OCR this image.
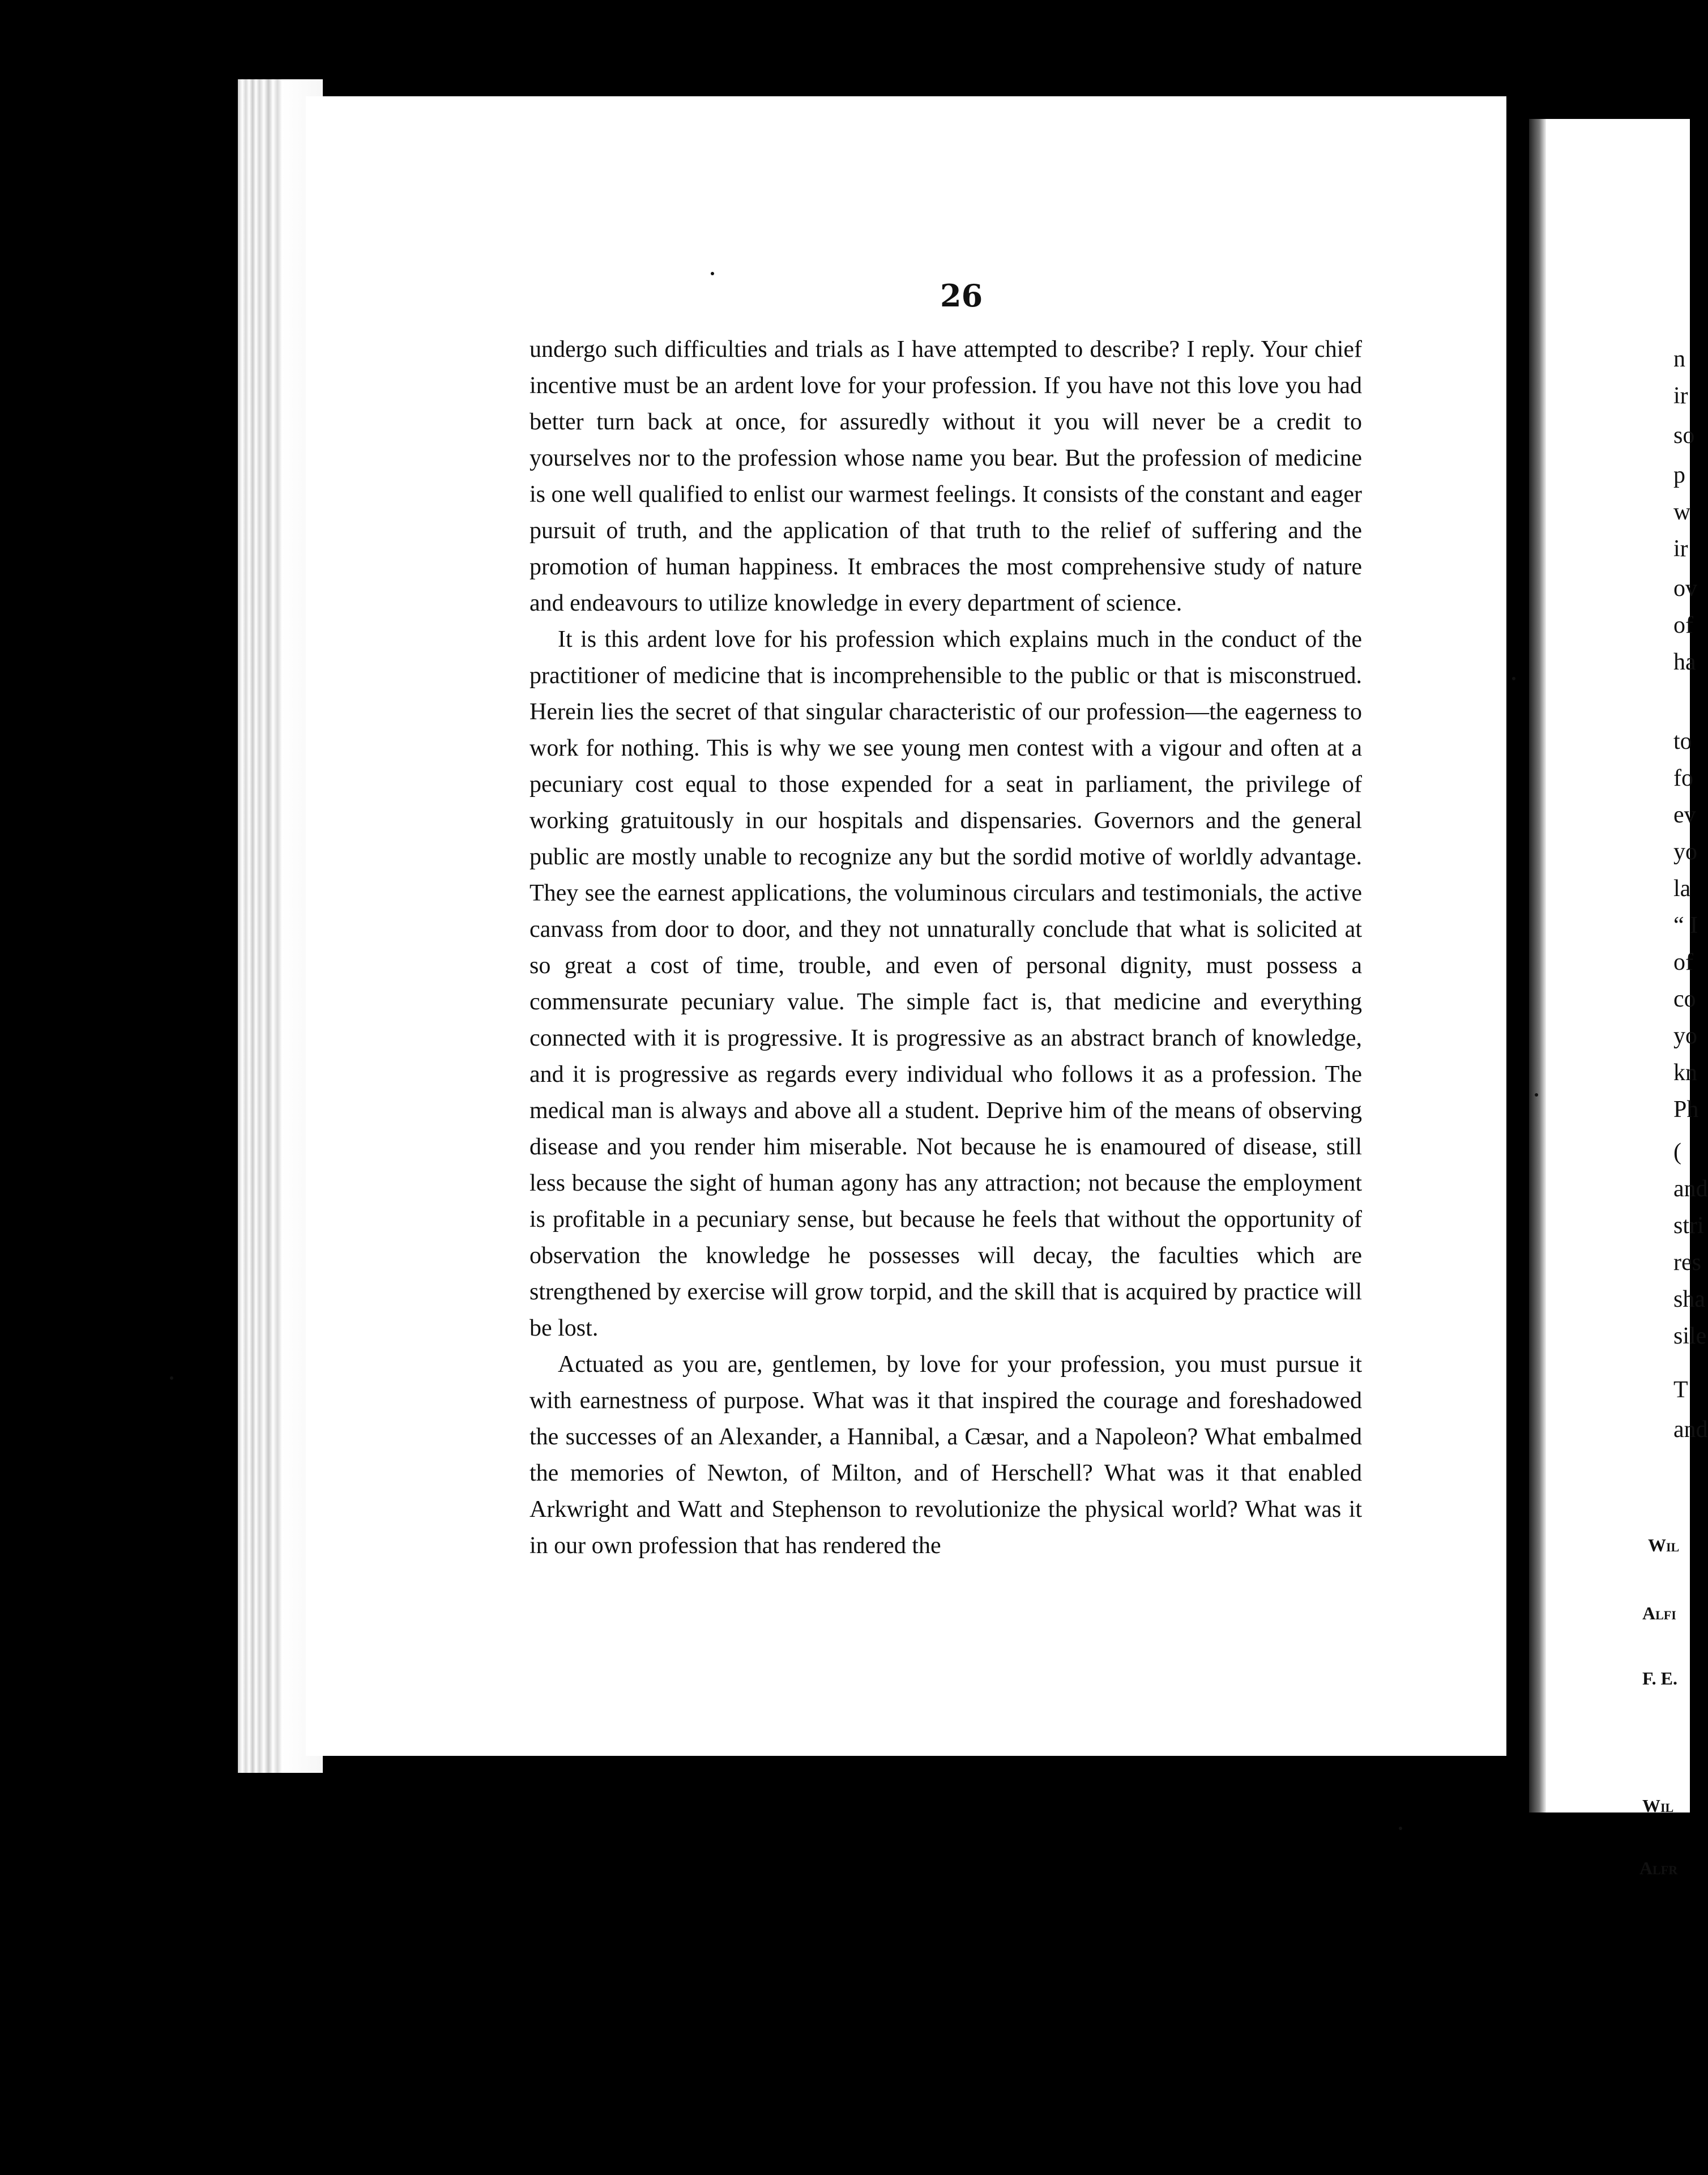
26

undergo such difficulties and trials as I have attempted to describe? I reply. Your chief incentive must be an ardent love for your profession. If you have not this love you had better turn back at once, for assuredly without it you will never be a credit to yourselves nor to the profession whose name you bear. But the profession of medicine is one well qualified to enlist our warmest feelings. It consists of the constant and eager pursuit of truth, and the application of that truth to the relief of suffering and the promotion of human happiness. It embraces the most comprehensive study of nature and endeavours to utilize knowledge in every department of science.

It is this ardent love for his profession which explains much in the conduct of the practitioner of medicine that is incomprehensible to the public or that is misconstrued. Herein lies the secret of that singular characteristic of our profession—the eagerness to work for nothing. This is why we see young men contest with a vigour and often at a pecuniary cost equal to those expended for a seat in parliament, the privilege of working gratuitously in our hospitals and dispensaries. Governors and the general public are mostly unable to recognize any but the sordid motive of worldly advantage. They see the earnest applications, the voluminous circulars and testimonials, the active canvass from door to door, and they not unnaturally conclude that what is solicited at so great a cost of time, trouble, and even of personal dignity, must possess a commensurate pecuniary value. The simple fact is, that medicine and everything connected with it is progressive. It is progressive as an abstract branch of knowledge, and it is progressive as regards every individual who follows it as a profession. The medical man is always and above all a student. Deprive him of the means of observing disease and you render him miserable. Not because he is enamoured of disease, still less because the sight of human agony has any attraction; not because the employment is profitable in a pecuniary sense, but because he feels that without the opportunity of observation the knowledge he possesses will decay, the faculties which are strengthened by exercise will grow torpid, and the skill that is acquired by practice will be lost.

Actuated as you are, gentlemen, by love for your profession, you must pursue it with earnestness of purpose. What was it that inspired the courage and foreshadowed the successes of an Alexander, a Hannibal, a Cæsar, and a Napoleon? What embalmed the memories of Newton, of Milton, and of Herschell? What was it that enabled Arkwright and Watt and Stephenson to revolutionize the physical world? What was it in our own profession that has rendered the

n
ir
so
p
w
ir
ov
of
ha
to
fo
ev
yo
la
“ I
of
co
yo
kn
Ph
(
and
stri
res
sha
sile
T
and
Wil
Alfi
F. E.
Wil
Alfr
